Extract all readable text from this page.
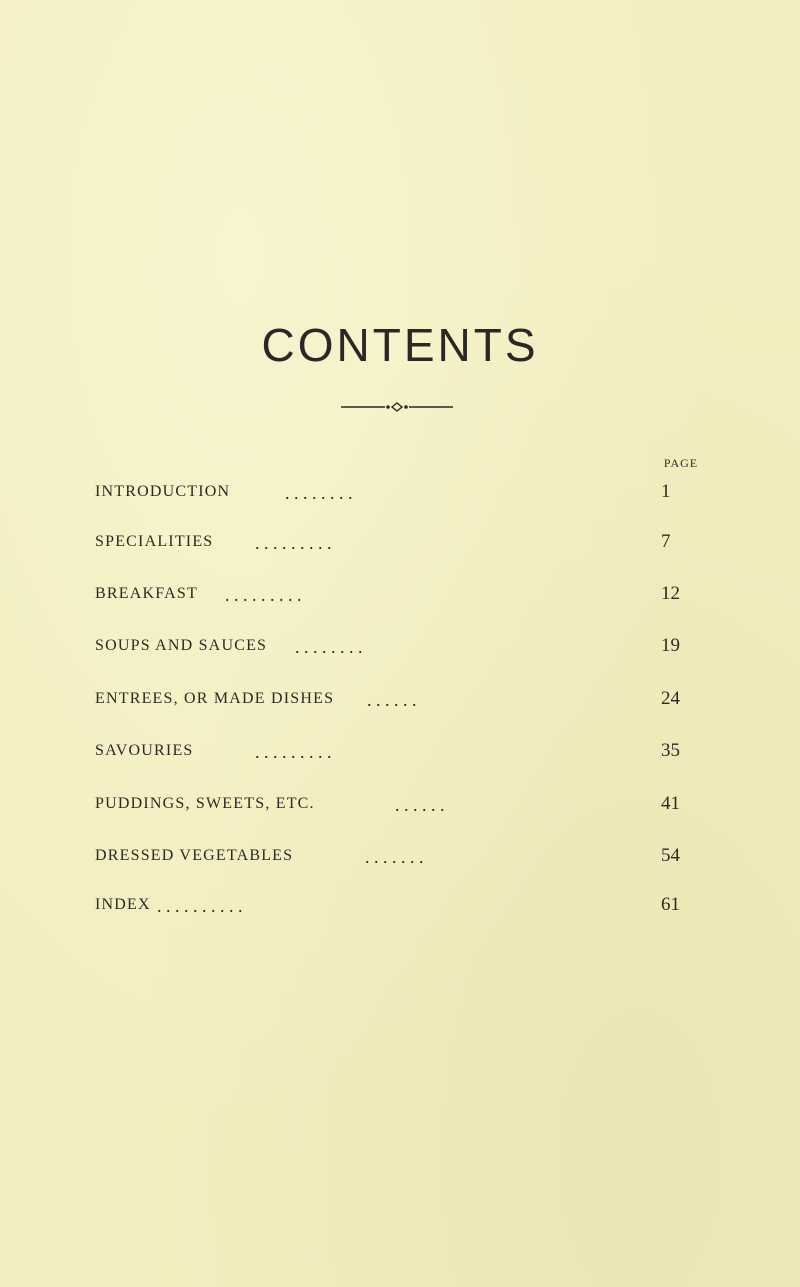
CONTENTS
PAGE
INTRODUCTION	. . . . . . . .	1
SPECIALITIES . . . . . . . . .	7
BREAKFAST . . . . . . . . .	12
SOUPS AND SAUCES . . . . . . . .	19
ENTREES, OR MADE DISHES . . . . . .	24
SAVOURIES	. . . . . . . . .	35
PUDDINGS, SWEETS, ETC.	. . . . . .	41
DRESSED VEGETABLES	. . . . . . .	54
INDEX . . . . . . . . . .	61
